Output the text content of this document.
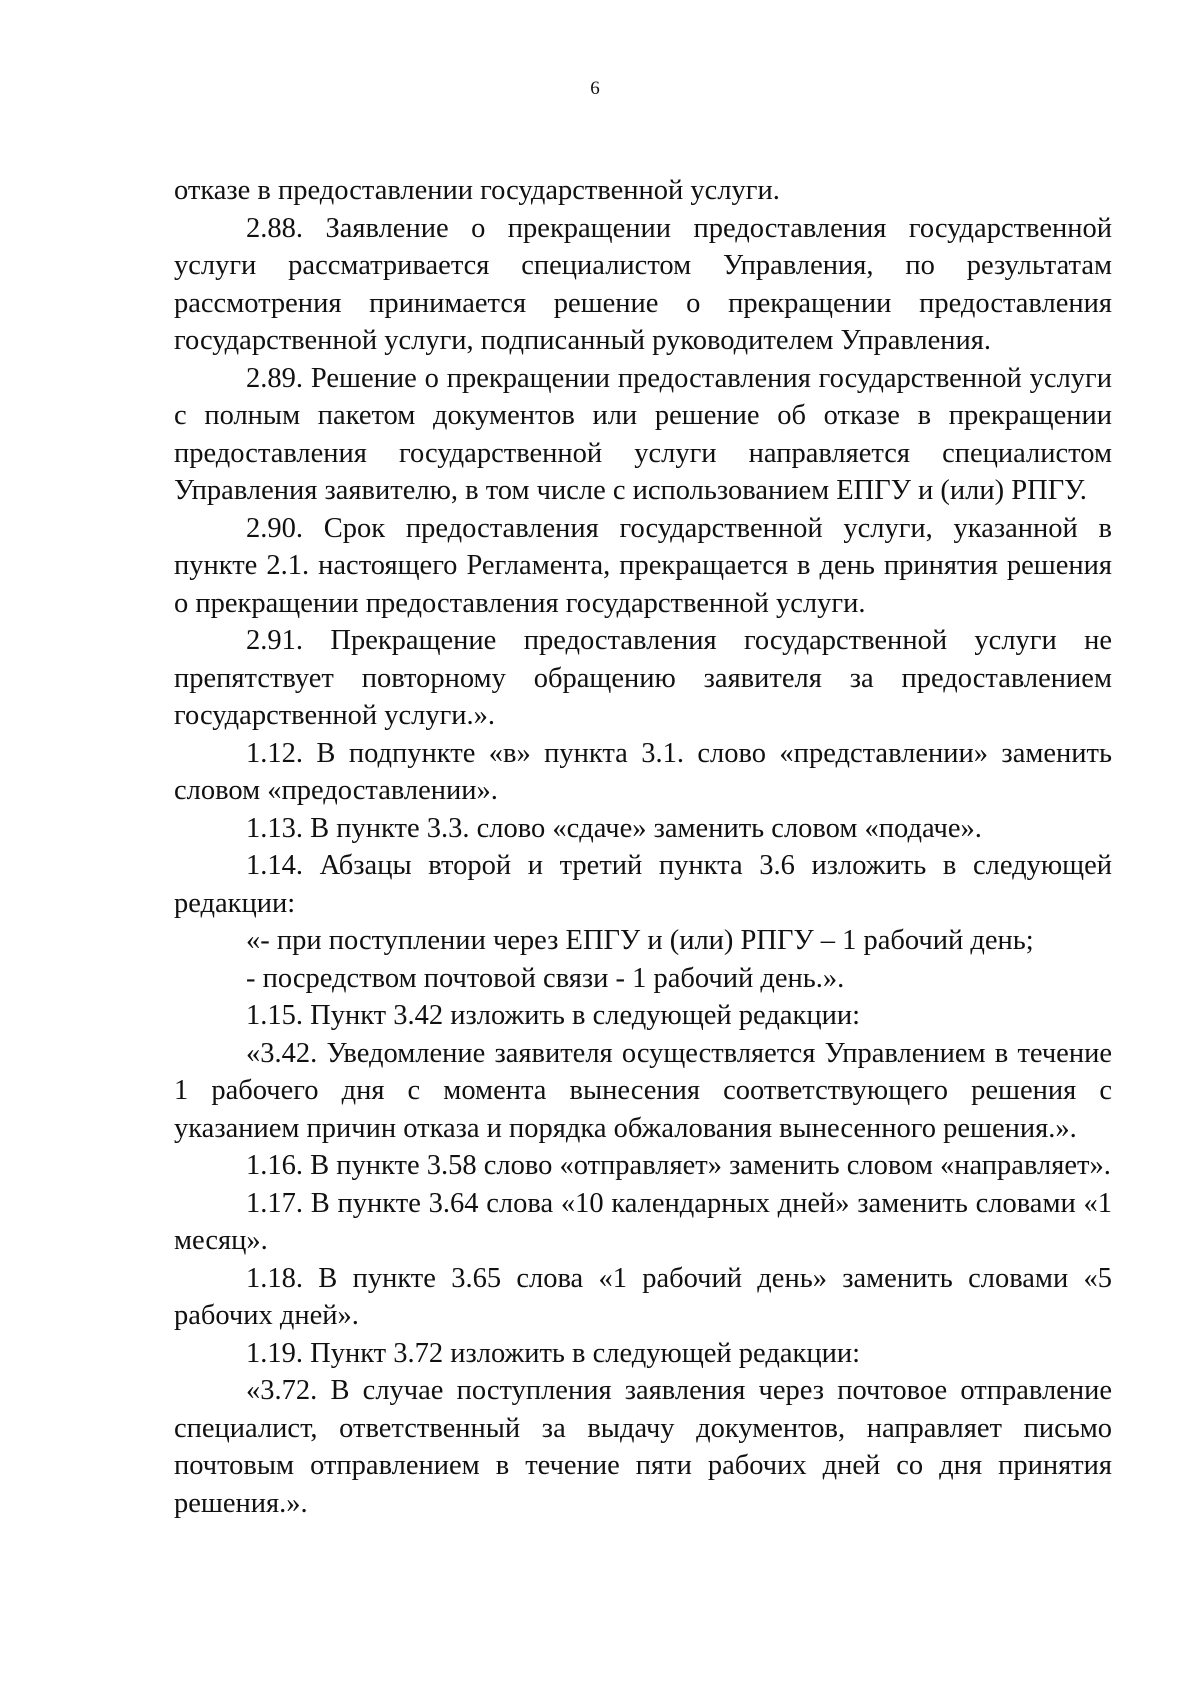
6

отказе в предоставлении государственной услуги.

2.88. Заявление о прекращении предоставления государственной услуги рассматривается специалистом Управления, по результатам рассмотрения принимается решение о прекращении предоставления государственной услуги, подписанный руководителем Управления.

2.89. Решение о прекращении предоставления государственной услуги с полным пакетом документов или решение об отказе в прекращении предоставления государственной услуги направляется специалистом Управления заявителю, в том числе с использованием ЕПГУ и (или) РПГУ.

2.90. Срок предоставления государственной услуги, указанной в пункте 2.1. настоящего Регламента, прекращается в день принятия решения о прекращении предоставления государственной услуги.

2.91. Прекращение предоставления государственной услуги не препятствует повторному обращению заявителя за предоставлением государственной услуги.».

1.12. В подпункте «в» пункта 3.1. слово «представлении» заменить словом «предоставлении».

1.13. В пункте 3.3. слово «сдаче» заменить словом «подаче».

1.14. Абзацы второй и третий пункта 3.6 изложить в следующей редакции:

«- при поступлении через ЕПГУ и (или) РПГУ – 1 рабочий день;

- посредством почтовой связи - 1 рабочий день.».

1.15. Пункт 3.42 изложить в следующей редакции:

«3.42. Уведомление заявителя осуществляется Управлением в течение 1 рабочего дня с момента вынесения соответствующего решения с указанием причин отказа и порядка обжалования вынесенного решения.».

1.16. В пункте 3.58 слово «отправляет» заменить словом «направляет».

1.17. В пункте 3.64 слова «10 календарных дней» заменить словами «1 месяц».

1.18. В пункте 3.65 слова «1 рабочий день» заменить словами «5 рабочих дней».

1.19. Пункт 3.72 изложить в следующей редакции:

«3.72. В случае поступления заявления через почтовое отправление специалист, ответственный за выдачу документов, направляет письмо почтовым отправлением в течение пяти рабочих дней со дня принятия решения.».
